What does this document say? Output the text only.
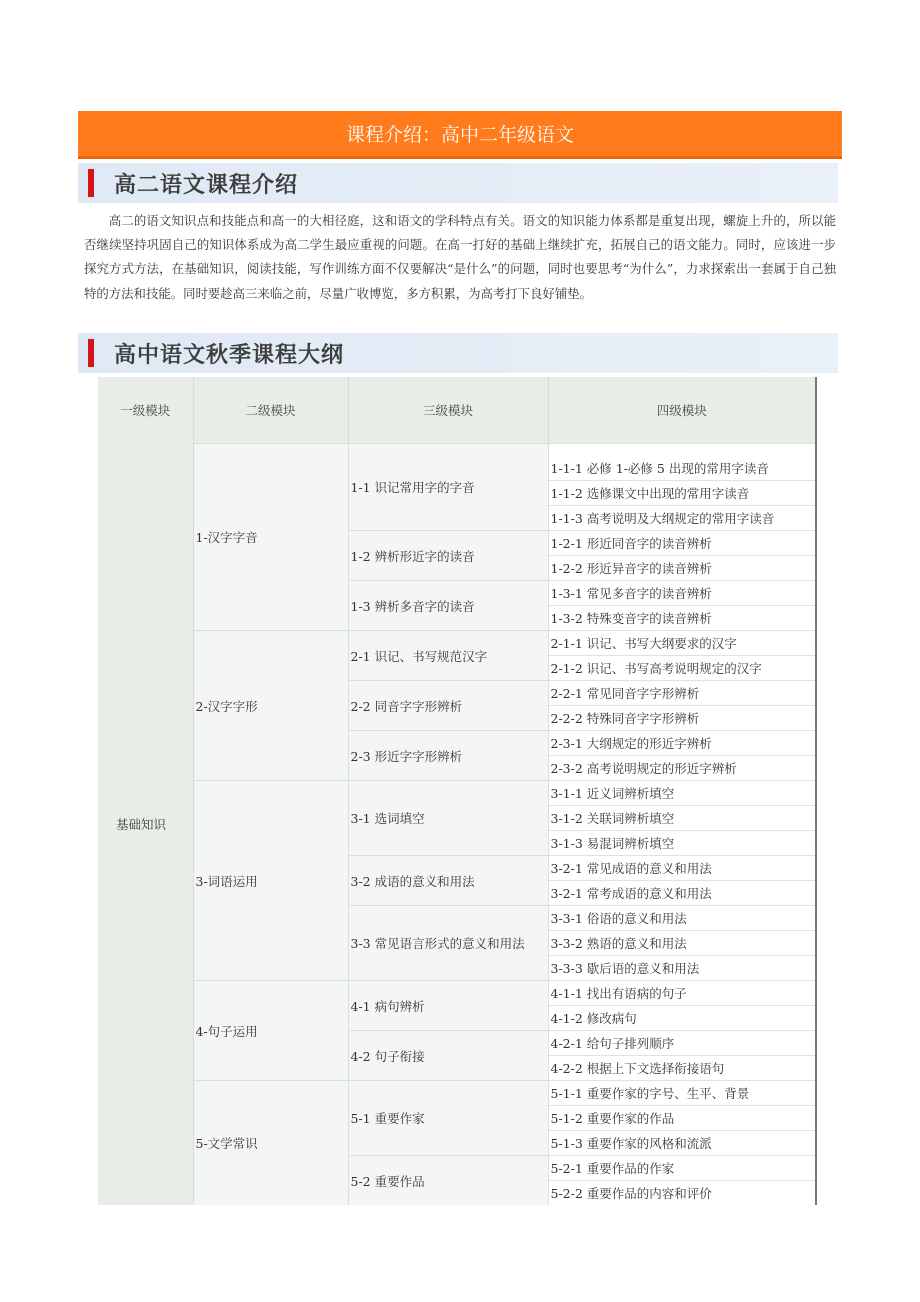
课程介绍：高中二年级语文
高二语文课程介绍

高二的语文知识点和技能点和高一的大相径庭，这和语文的学科特点有关。语文的知识能力体系都是重复出现，螺旋上升的，所以能否继续坚持巩固自己的知识体系成为高二学生最应重视的问题。在高一打好的基础上继续扩充，拓展自己的语文能力。同时，应该进一步探究方式方法，在基础知识，阅读技能，写作训练方面不仅要解决“是什么”的问题，同时也要思考“为什么”，力求探索出一套属于自己独特的方法和技能。同时要趁高三来临之前，尽量广收博览，多方积累，为高考打下良好铺垫。

高中语文秋季课程大纲
一级模块	二级模块	三级模块	四级模块
基础知识	1-汉字字音	1-1 识记常用字的字音	1-1-1 必修 1-必修 5 出现的常用字读音
			1-1-2 选修课文中出现的常用字读音
			1-1-3 高考说明及大纲规定的常用字读音
		1-2 辨析形近字的读音	1-2-1 形近同音字的读音辨析
			1-2-2 形近异音字的读音辨析
		1-3 辨析多音字的读音	1-3-1 常见多音字的读音辨析
			1-3-2 特殊变音字的读音辨析
	2-汉字字形	2-1 识记、书写规范汉字	2-1-1 识记、书写大纲要求的汉字
			2-1-2 识记、书写高考说明规定的汉字
		2-2 同音字字形辨析	2-2-1 常见同音字字形辨析
			2-2-2 特殊同音字字形辨析
		2-3 形近字字形辨析	2-3-1 大纲规定的形近字辨析
			2-3-2 高考说明规定的形近字辨析
	3-词语运用	3-1 选词填空	3-1-1 近义词辨析填空
			3-1-2 关联词辨析填空
			3-1-3 易混词辨析填空
		3-2 成语的意义和用法	3-2-1 常见成语的意义和用法
			3-2-1 常考成语的意义和用法
		3-3 常见语言形式的意义和用法	3-3-1 俗语的意义和用法
			3-3-2 熟语的意义和用法
			3-3-3 歇后语的意义和用法
	4-句子运用	4-1 病句辨析	4-1-1 找出有语病的句子
			4-1-2 修改病句
		4-2 句子衔接	4-2-1 给句子排列顺序
			4-2-2 根据上下文选择衔接语句
	5-文学常识	5-1 重要作家	5-1-1 重要作家的字号、生平、背景
			5-1-2 重要作家的作品
			5-1-3 重要作家的风格和流派
		5-2 重要作品	5-2-1 重要作品的作家
			5-2-2 重要作品的内容和评价
